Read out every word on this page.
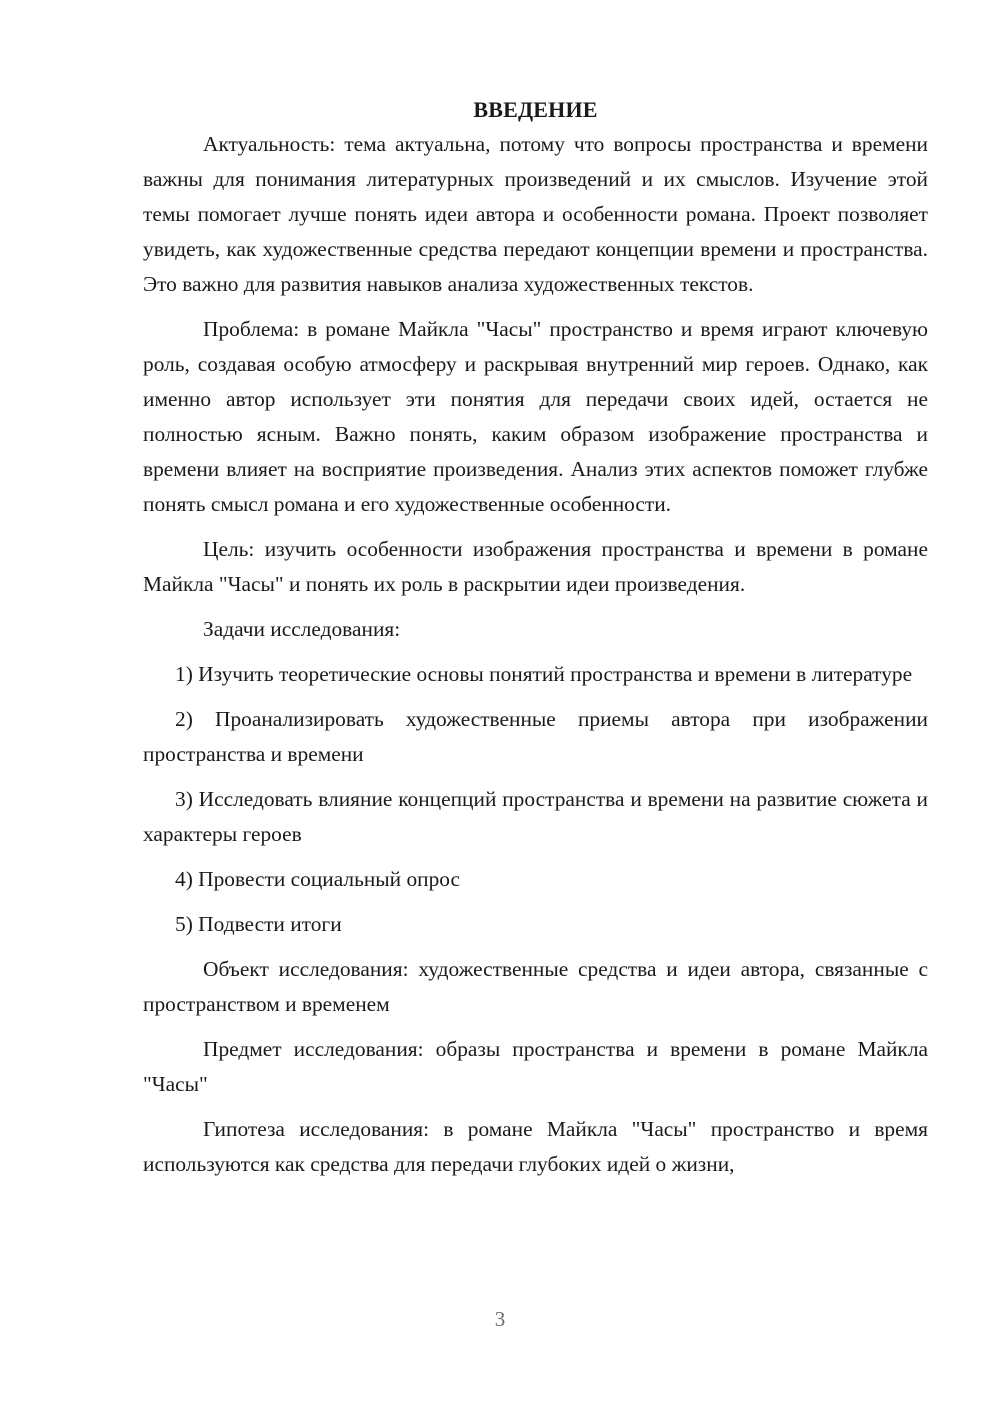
ВВЕДЕНИЕ

Актуальность: тема актуальна, потому что вопросы пространства и времени важны для понимания литературных произведений и их смыслов. Изучение этой темы помогает лучше понять идеи автора и особенности романа. Проект позволяет увидеть, как художественные средства передают концепции времени и пространства. Это важно для развития навыков анализа художественных текстов.

Проблема: в романе Майкла "Часы" пространство и время играют ключевую роль, создавая особую атмосферу и раскрывая внутренний мир героев. Однако, как именно автор использует эти понятия для передачи своих идей, остается не полностью ясным. Важно понять, каким образом изображение пространства и времени влияет на восприятие произведения. Анализ этих аспектов поможет глубже понять смысл романа и его художественные особенности.

Цель: изучить особенности изображения пространства и времени в романе Майкла "Часы" и понять их роль в раскрытии идеи произведения.

Задачи исследования:

1) Изучить теоретические основы понятий пространства и времени в литературе

2) Проанализировать художественные приемы автора при изображении пространства и времени

3) Исследовать влияние концепций пространства и времени на развитие сюжета и характеры героев

4) Провести социальный опрос

5) Подвести итоги

Объект исследования: художественные средства и идеи автора, связанные с пространством и временем

Предмет исследования: образы пространства и времени в романе Майкла "Часы"

Гипотеза исследования: в романе Майкла "Часы" пространство и время используются как средства для передачи глубоких идей о жизни,

3
